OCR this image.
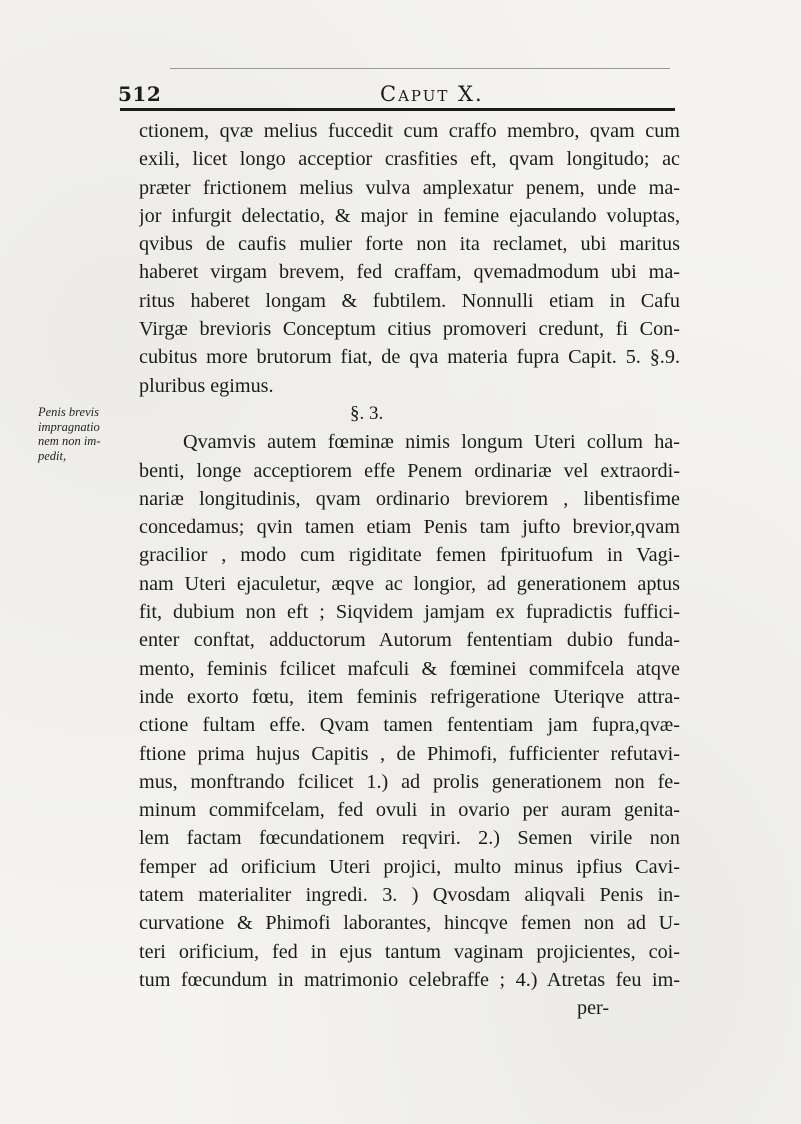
512	Caput X.
Penis brevis
impragnatio
nem non im-
pedit,
ctionem, qvæ melius fuccedit cum craffo membro, qvam cum
exili, licet longo acceptior crasfities eft, qvam longitudo; ac
præter frictionem melius vulva amplexatur penem, unde ma-
jor infurgit delectatio, & major in femine ejaculando voluptas,
qvibus de caufis mulier forte non ita reclamet, ubi maritus
haberet virgam brevem, fed craffam, qvemadmodum ubi ma-
ritus haberet longam & fubtilem. Nonnulli etiam in Cafu
Virgæ brevioris Conceptum citius promoveri credunt, fi Con-
cubitus more brutorum fiat, de qva materia fupra Capit. 5. §.9.
pluribus egimus.
§. 3.
Qvamvis autem fœminæ nimis longum Uteri collum ha-
benti, longe acceptiorem effe Penem ordinariæ vel extraordi-
nariæ longitudinis, qvam ordinario breviorem , libentisfime
concedamus; qvin tamen etiam Penis tam jufto brevior,qvam
gracilior , modo cum rigiditate femen fpirituofum in Vagi-
nam Uteri ejaculetur, æqve ac longior, ad generationem aptus
fit, dubium non eft ; Siqvidem jamjam ex fupradictis fuffici-
enter conftat, adductorum Autorum fententiam dubio funda-
mento, feminis fcilicet mafculi & fœminei commifcela atqve
inde exorto fœtu, item feminis refrigeratione Uteriqve attra-
ctione fultam effe. Qvam tamen fententiam jam fupra,qvæ-
ftione prima hujus Capitis , de Phimofi, fufficienter refutavi-
mus, monftrando fcilicet 1.) ad prolis generationem non fe-
minum commifcelam, fed ovuli in ovario per auram genita-
lem factam fœcundationem reqviri. 2.) Semen virile non
femper ad orificium Uteri projici, multo minus ipfius Cavi-
tatem materialiter ingredi. 3. ) Qvosdam aliqvali Penis in-
curvatione & Phimofi laborantes, hincqve femen non ad U-
teri orificium, fed in ejus tantum vaginam projicientes, coi-
tum fœcundum in matrimonio celebraffe ; 4.) Atretas feu im-
per-
